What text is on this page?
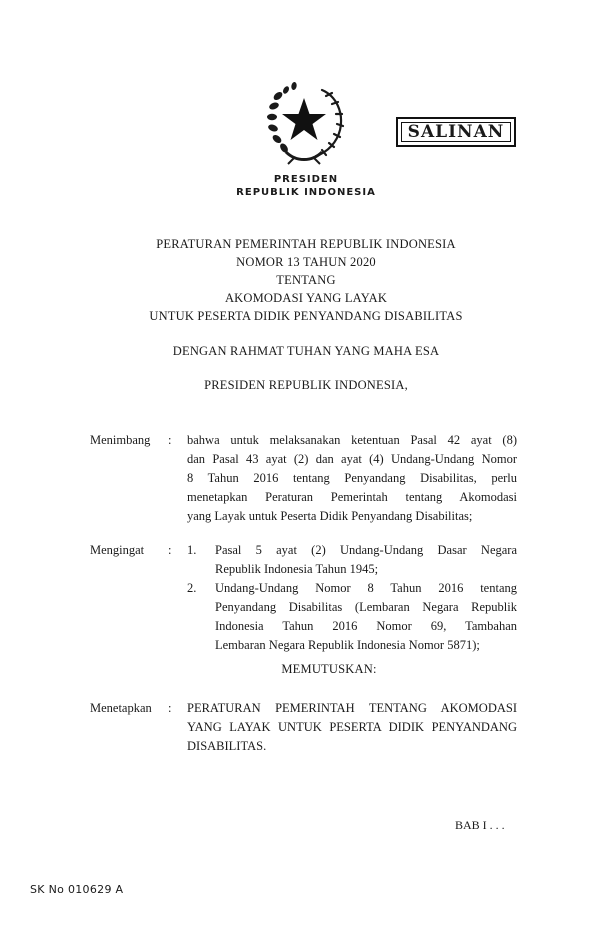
SALINAN
PRESIDEN
REPUBLIK INDONESIA
PERATURAN PEMERINTAH REPUBLIK INDONESIA
NOMOR 13 TAHUN 2020
TENTANG
AKOMODASI YANG LAYAK
UNTUK PESERTA DIDIK PENYANDANG DISABILITAS
DENGAN RAHMAT TUHAN YANG MAHA ESA
PRESIDEN REPUBLIK INDONESIA,
Menimbang : bahwa untuk melaksanakan ketentuan Pasal 42 ayat (8)
dan Pasal 43 ayat (2) dan ayat (4) Undang-Undang Nomor
8 Tahun 2016 tentang Penyandang Disabilitas, perlu
menetapkan Peraturan Pemerintah tentang Akomodasi
yang Layak untuk Peserta Didik Penyandang Disabilitas;
Mengingat : 1. Pasal 5 ayat (2) Undang-Undang Dasar Negara
Republik Indonesia Tahun 1945;
2. Undang-Undang Nomor 8 Tahun 2016 tentang
Penyandang Disabilitas (Lembaran Negara Republik
Indonesia Tahun 2016 Nomor 69, Tambahan
Lembaran Negara Republik Indonesia Nomor 5871);
MEMUTUSKAN:
Menetapkan : PERATURAN PEMERINTAH TENTANG AKOMODASI
YANG LAYAK UNTUK PESERTA DIDIK PENYANDANG
DISABILITAS.
BAB I . . .
SK No 010629 A
